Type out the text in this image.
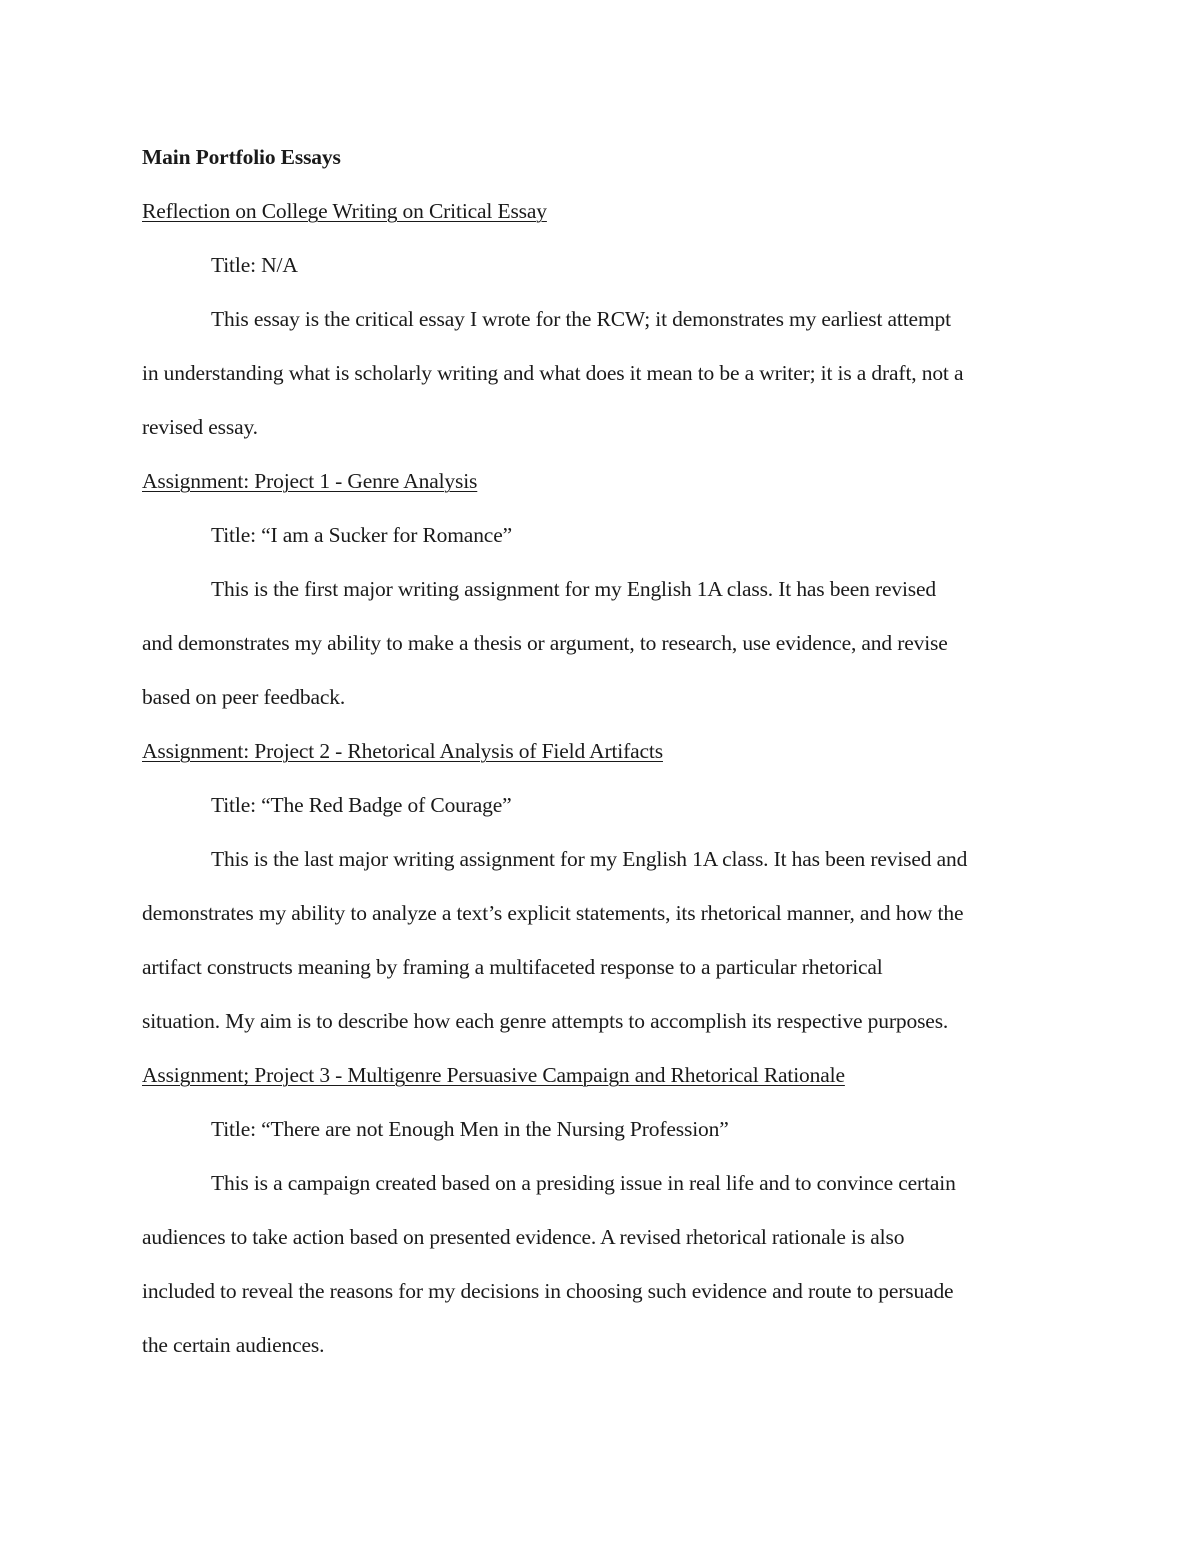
Main Portfolio Essays
Reflection on College Writing on Critical Essay
Title: N/A
This essay is the critical essay I wrote for the RCW; it demonstrates my earliest attempt
in understanding what is scholarly writing and what does it mean to be a writer; it is a draft, not a
revised essay.
Assignment: Project 1 - Genre Analysis
Title: “I am a Sucker for Romance”
This is the first major writing assignment for my English 1A class. It has been revised
and demonstrates my ability to make a thesis or argument, to research, use evidence, and revise
based on peer feedback.
Assignment: Project 2 - Rhetorical Analysis of Field Artifacts
Title: “The Red Badge of Courage”
This is the last major writing assignment for my English 1A class. It has been revised and
demonstrates my ability to analyze a text’s explicit statements, its rhetorical manner, and how the
artifact constructs meaning by framing a multifaceted response to a particular rhetorical
situation. My aim is to describe how each genre attempts to accomplish its respective purposes.
Assignment; Project 3 - Multigenre Persuasive Campaign and Rhetorical Rationale
Title: “There are not Enough Men in the Nursing Profession”
This is a campaign created based on a presiding issue in real life and to convince certain
audiences to take action based on presented evidence. A revised rhetorical rationale is also
included to reveal the reasons for my decisions in choosing such evidence and route to persuade
the certain audiences.
